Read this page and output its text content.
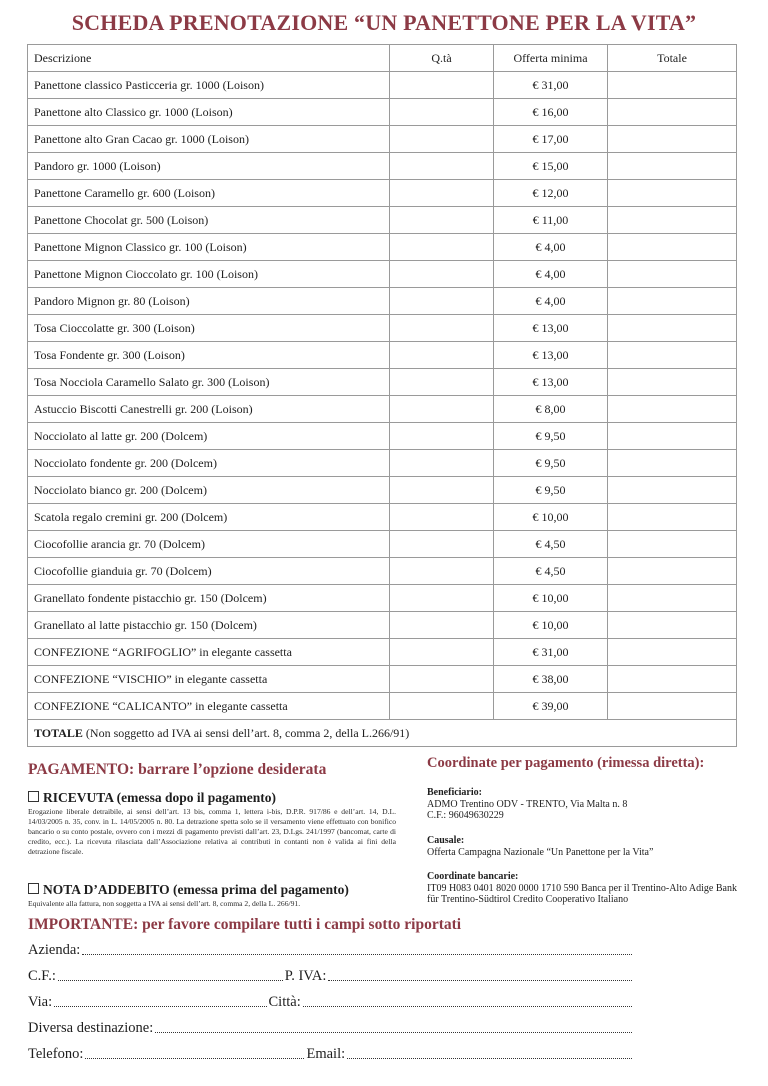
SCHEDA PRENOTAZIONE “UN PANETTONE PER LA VITA”
Descrizione	Q.tà	Offerta minima	Totale
Panettone classico Pasticceria gr. 1000 (Loison)		€ 31,00	
Panettone alto Classico gr. 1000 (Loison)		€ 16,00	
Panettone alto Gran Cacao gr. 1000 (Loison)		€ 17,00	
Pandoro gr. 1000 (Loison)		€ 15,00	
Panettone Caramello gr. 600 (Loison)		€ 12,00	
Panettone Chocolat gr. 500 (Loison)		€ 11,00	
Panettone Mignon Classico gr. 100 (Loison)		€ 4,00	
Panettone Mignon Cioccolato gr. 100 (Loison)		€ 4,00	
Pandoro Mignon gr. 80 (Loison)		€ 4,00	
Tosa Cioccolatte gr. 300 (Loison)		€ 13,00	
Tosa Fondente gr. 300 (Loison)		€ 13,00	
Tosa Nocciola Caramello Salato gr. 300 (Loison)		€ 13,00	
Astuccio Biscotti Canestrelli gr. 200 (Loison)		€ 8,00	
Nocciolato al latte gr. 200 (Dolcem)		€ 9,50	
Nocciolato fondente gr. 200 (Dolcem)		€ 9,50	
Nocciolato bianco gr. 200 (Dolcem)		€ 9,50	
Scatola regalo cremini gr. 200 (Dolcem)		€ 10,00	
Ciocofollie arancia gr. 70 (Dolcem)		€ 4,50	
Ciocofollie gianduia gr. 70 (Dolcem)		€ 4,50	
Granellato fondente pistacchio gr. 150 (Dolcem)		€ 10,00	
Granellato al latte pistacchio gr. 150 (Dolcem)		€ 10,00	
CONFEZIONE “AGRIFOGLIO” in elegante cassetta		€ 31,00	
CONFEZIONE “VISCHIO” in elegante cassetta		€ 38,00	
CONFEZIONE “CALICANTO” in elegante cassetta		€ 39,00	
TOTALE (Non soggetto ad IVA ai sensi dell’art. 8, comma 2, della L.266/91)			
PAGAMENTO: barrare l’opzione desiderata
RICEVUTA (emessa dopo il pagamento)
Erogazione liberale detraibile, ai sensi dell’art. 13 bis, comma 1, lettera i-bis, D.P.R. 917/86 e dell’art. 14, D.L. 14/03/2005 n. 35, conv. in L. 14/05/2005 n. 80. La detrazione spetta solo se il versamento viene effettuato con bonifico bancario o su conto postale, ovvero con i mezzi di pagamento previsti dall’art. 23, D.Lgs. 241/1997 (bancomat, carte di credito, ecc.). La ricevuta rilasciata dall’Associazione relativa ai contributi in contanti non è valida ai fini della detrazione fiscale.
NOTA D’ADDEBITO (emessa prima del pagamento)
Equivalente alla fattura, non soggetta a IVA ai sensi dell’art. 8, comma 2, della L. 266/91.
Coordinate per pagamento (rimessa diretta):
Beneficiario:
ADMO Trentino ODV - TRENTO, Via Malta n. 8
C.F.: 96049630229
Causale:
Offerta Campagna Nazionale “Un Panettone per la Vita”
Coordinate bancarie:
IT09 H083 0401 8020 0000 1710 590 Banca per il Trentino-Alto Adige Bank für Trentino-Südtirol Credito Cooperativo Italiano
IMPORTANTE: per favore compilare tutti i campi sotto riportati
Azienda:
C.F.:	P. IVA:
Via:	Città:
Diversa destinazione:
Telefono:	Email:
